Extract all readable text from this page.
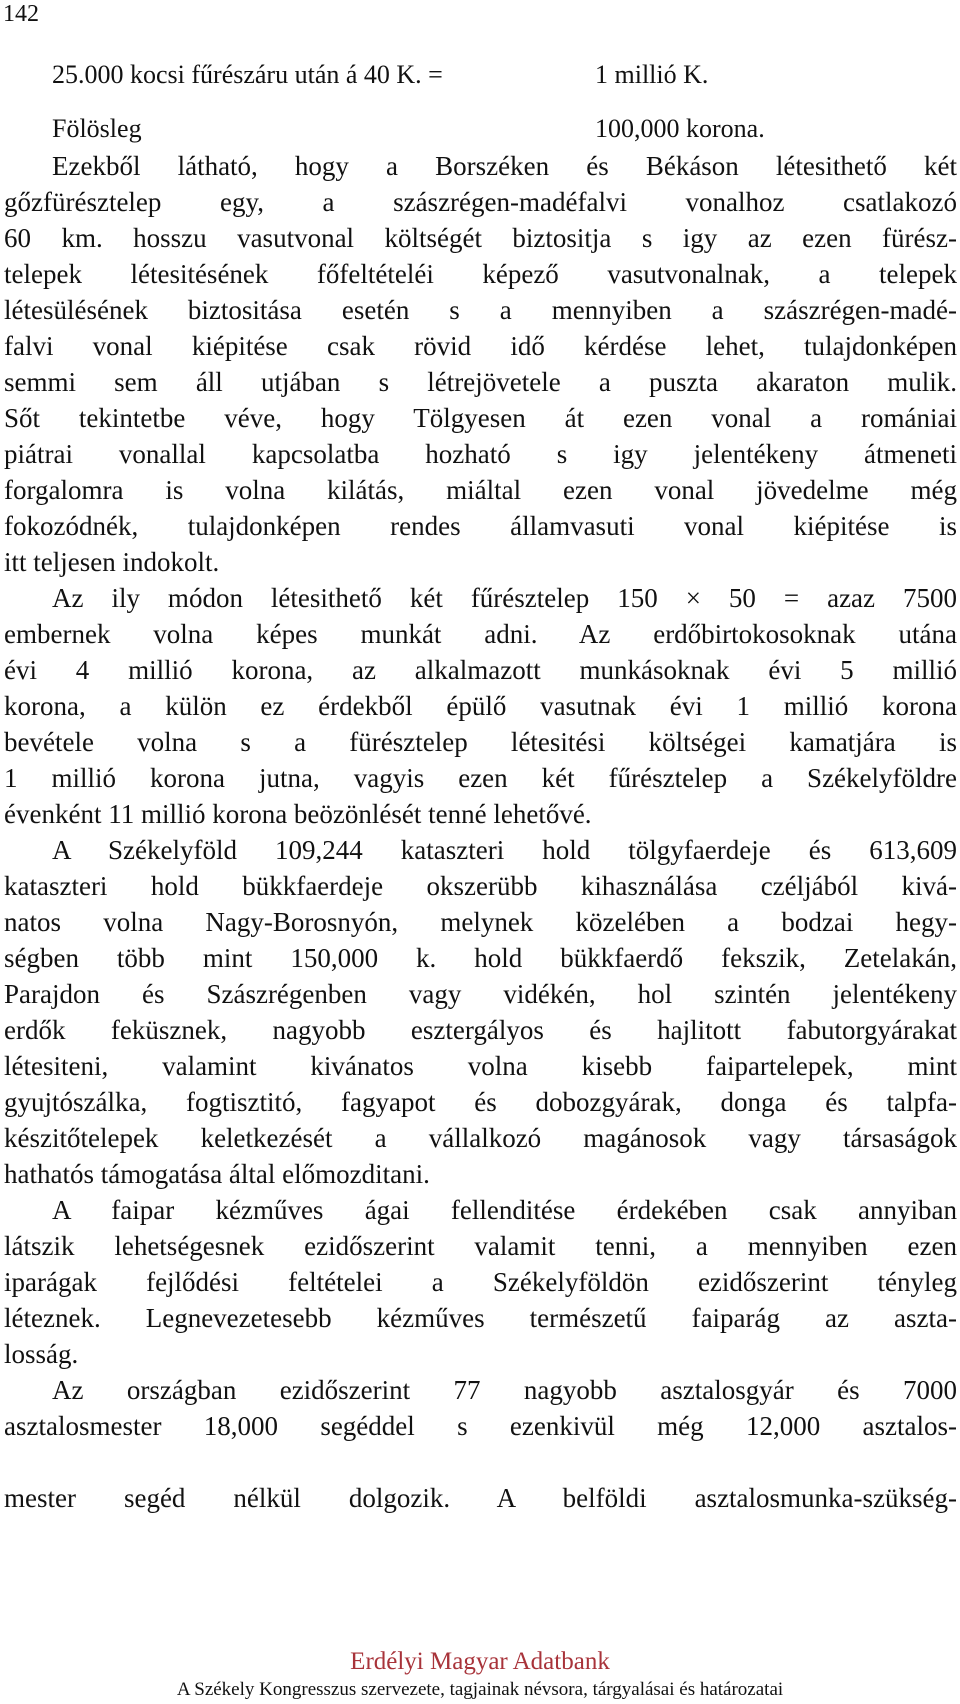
142
25.000 kocsi fűrészáru után á 40 K. =	1 millió K.
Fölösleg	100,000 korona.
Ezekből látható, hogy a Borszéken és Békáson létesithető két
gőzfürésztelep egy, a szászrégen-madéfalvi vonalhoz csatlakozó
60 km. hosszu vasutvonal költségét biztositja s igy az ezen fürész-
telepek létesitésének főfeltételéi képező vasutvonalnak, a telepek
létesülésének biztositása esetén s a mennyiben a szászrégen-madé-
falvi vonal kiépitése csak rövid idő kérdése lehet, tulajdonképen
semmi sem áll utjában s létrejövetele a puszta akaraton mulik.
Sőt tekintetbe véve, hogy Tölgyesen át ezen vonal a romániai
piátrai vonallal kapcsolatba hozható s igy jelentékeny átmeneti
forgalomra is volna kilátás, miáltal ezen vonal jövedelme még
fokozódnék, tulajdonképen rendes államvasuti vonal kiépitése is
itt teljesen indokolt.
Az ily módon létesithető két fűrésztelep 150 × 50 = azaz 7500
embernek volna képes munkát adni. Az erdőbirtokosoknak utána
évi 4 millió korona, az alkalmazott munkásoknak évi 5 millió
korona, a külön ez érdekből épülő vasutnak évi 1 millió korona
bevétele volna s a fürésztelep létesitési költségei kamatjára is
1 millió korona jutna, vagyis ezen két fűrésztelep a Székelyföldre
évenként 11 millió korona beözönlését tenné lehetővé.
A Székelyföld 109,244 kataszteri hold tölgyfaerdeje és 613,609
kataszteri hold bükkfaerdeje okszerübb kihasználása czéljából kivá-
natos volna Nagy-Borosnyón, melynek közelében a bodzai hegy-
ségben több mint 150,000 k. hold bükkfaerdő fekszik, Zetelakán,
Parajdon és Szászrégenben vagy vidékén, hol szintén jelentékeny
erdők feküsznek, nagyobb esztergályos és hajlitott fabutorgyárakat
létesiteni, valamint kivánatos volna kisebb faipartelepek, mint
gyujtószálka, fogtisztitó, fagyapot és dobozgyárak, donga és talpfa-
készitőtelepek keletkezését a vállalkozó magánosok vagy társaságok
hathatós támogatása által előmozditani.
A faipar kézműves ágai fellenditése érdekében csak annyiban
látszik lehetségesnek ezidőszerint valamit tenni, a mennyiben ezen
iparágak fejlődési feltételei a Székelyföldön ezidőszerint tényleg
léteznek. Legnevezetesebb kézműves természetű faiparág az aszta-
losság.
Az országban ezidőszerint 77 nagyobb asztalosgyár és 7000
asztalosmester 18,000 segéddel s ezenkivül még 12,000 asztalos-
mester segéd nélkül dolgozik. A belföldi asztalosmunka-szükség-
Erdélyi Magyar Adatbank
A Székely Kongresszus szervezete, tagjainak névsora, tárgyalásai és határozatai
